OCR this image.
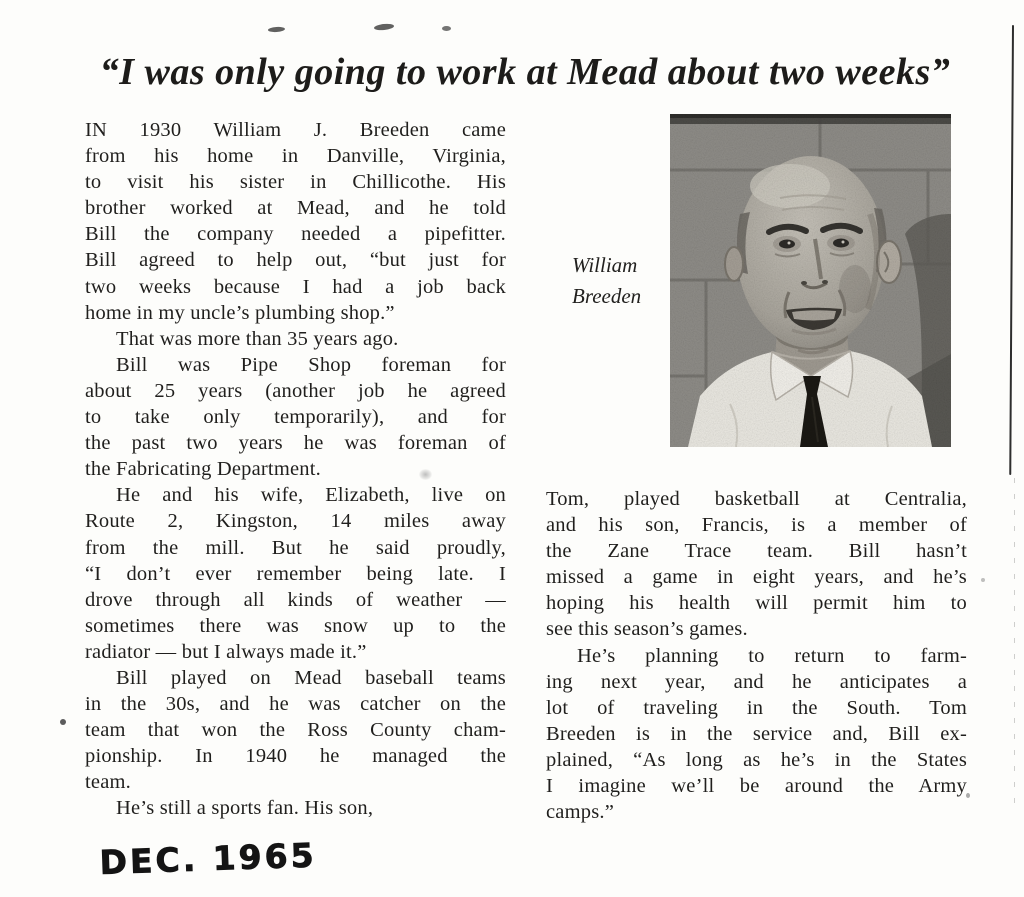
“I was only going to work at Mead about two weeks”
IN 1930 William J. Breeden came
from his home in Danville, Virginia,
to visit his sister in Chillicothe. His
brother worked at Mead, and he told
Bill the company needed a pipefitter.
Bill agreed to help out, “but just for
two weeks because I had a job back
home in my uncle’s plumbing shop.”
That was more than 35 years ago.
Bill was Pipe Shop foreman for
about 25 years (another job he agreed
to take only temporarily), and for
the past two years he was foreman of
the Fabricating Department.
He and his wife, Elizabeth, live on
Route 2, Kingston, 14 miles away
from the mill. But he said proudly,
“I don’t ever remember being late. I
drove through all kinds of weather —
sometimes there was snow up to the
radiator — but I always made it.”
Bill played on Mead baseball teams
in the 30s, and he was catcher on the
team that won the Ross County cham-
pionship. In 1940 he managed the
team.
He’s still a sports fan. His son,
Tom, played basketball at Centralia,
and his son, Francis, is a member of
the Zane Trace team. Bill hasn’t
missed a game in eight years, and he’s
hoping his health will permit him to
see this season’s games.
He’s planning to return to farm-
ing next year, and he anticipates a
lot of traveling in the South. Tom
Breeden is in the service and, Bill ex-
plained, “As long as he’s in the States
I imagine we’ll be around the Army
camps.”
William
Breeden
DEC. 1965
